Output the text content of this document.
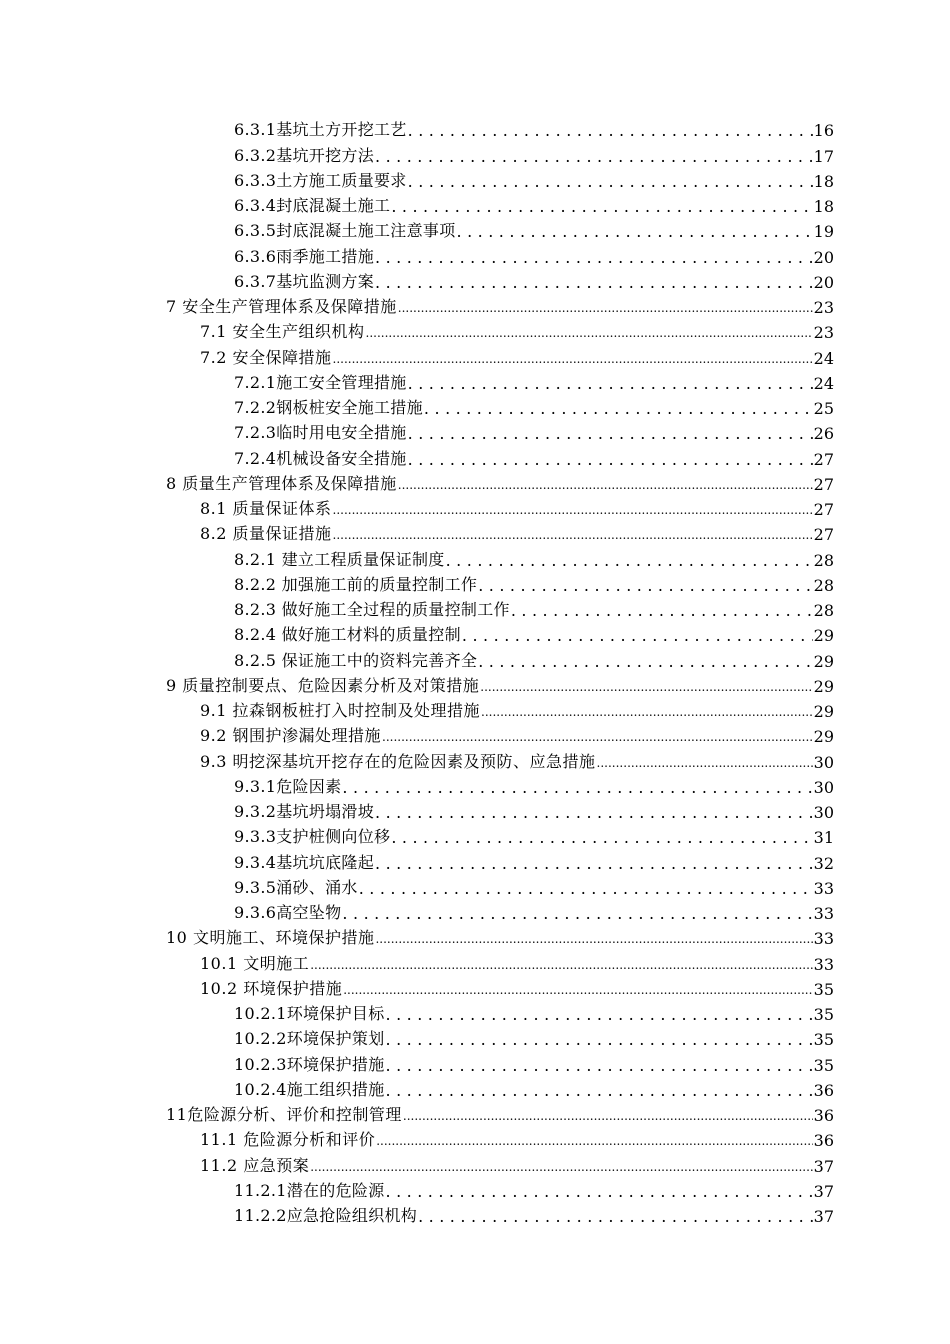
6.3.1基坑土方开挖工艺 . . .	16
6.3.2基坑开挖方法 . . .	17
6.3.3土方施工质量要求 . . .	18
6.3.4封底混凝土施工 . . .	18
6.3.5封底混凝土施工注意事项 . . .	19
6.3.6雨季施工措施 . . .	20
6.3.7基坑监测方案 . . .	20
7 安全生产管理体系及保障措施 .....	23
7.1 安全生产组织机构 .....	23
7.2 安全保障措施 .....	24
7.2.1施工安全管理措施 . . .	24
7.2.2钢板桩安全施工措施 . . .	25
7.2.3临时用电安全措施 . . .	26
7.2.4机械设备安全措施 . . .	27
8 质量生产管理体系及保障措施 .....	27
8.1 质量保证体系 .....	27
8.2 质量保证措施 .....	27
8.2.1 建立工程质量保证制度 . . .	28
8.2.2 加强施工前的质量控制工作 . . .	28
8.2.3 做好施工全过程的质量控制工作 . . .	28
8.2.4 做好施工材料的质量控制 . . .	29
8.2.5 保证施工中的资料完善齐全 . . .	29
9 质量控制要点、危险因素分析及对策措施 .....	29
9.1 拉森钢板桩打入时控制及处理措施 .....	29
9.2 钢围护渗漏处理措施 .....	29
9.3 明挖深基坑开挖存在的危险因素及预防、应急措施 .....	30
9.3.1危险因素 . . .	30
9.3.2基坑坍塌滑坡 . . .	30
9.3.3支护桩侧向位移 . . .	31
9.3.4基坑坑底隆起 . . .	32
9.3.5涌砂、涌水 . . .	33
9.3.6高空坠物 . . .	33
10 文明施工、环境保护措施 .....	33
10.1 文明施工 .....	33
10.2 环境保护措施 .....	35
10.2.1环境保护目标 . . .	35
10.2.2环境保护策划 . . .	35
10.2.3环境保护措施 . . .	35
10.2.4施工组织措施 . . .	36
11危险源分析、评价和控制管理 .....	36
11.1 危险源分析和评价 .....	36
11.2 应急预案 .....	37
11.2.1潜在的危险源 . . .	37
11.2.2应急抢险组织机构 . . .	37
